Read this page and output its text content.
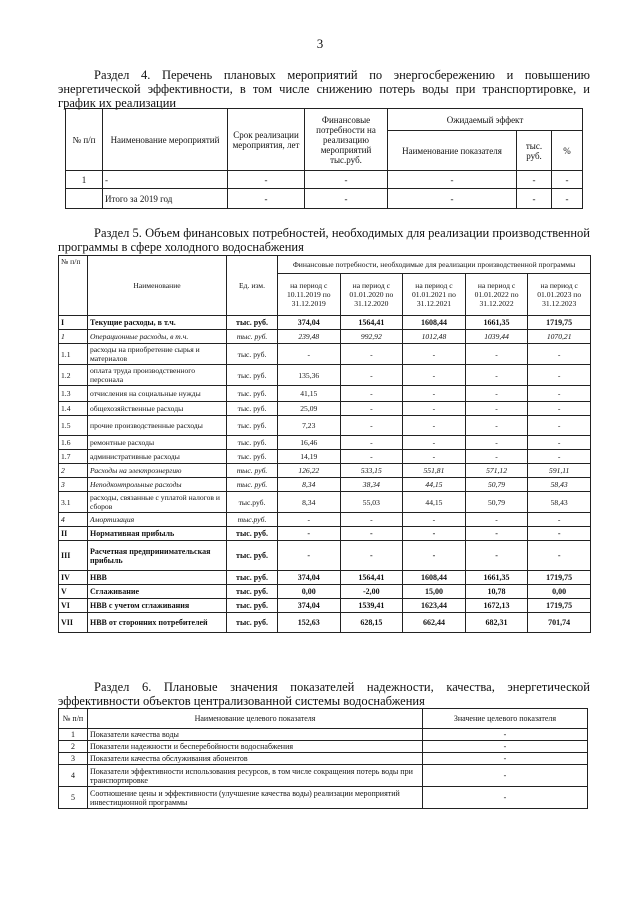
3
Раздел 4. Перечень плановых мероприятий по энергосбережению и повышению энергетической эффективности, в том числе снижению потерь воды при транспортировке, и график их реализации
№ п/п	Наименование мероприятий	Срок реализации мероприятия, лет	Финансовые потребности на реализацию мероприятий тыс.руб.	Ожидаемый эффект		
				Наименование показателя	тыс. руб.	%
1	-	-	-	-	-	-
	Итого за 2019 год	-	-	-	-	-
Раздел 5. Объем финансовых потребностей, необходимых для реализации производственной программы в сфере холодного водоснабжения
№ п/п	Наименование	Ед. изм.	Финансовые потребности, необходимые для реализации производственной программы				
			на период с 10.11.2019 по 31.12.2019	на период с 01.01.2020 по 31.12.2020	на период с 01.01.2021 по 31.12.2021	на период с 01.01.2022 по 31.12.2022	на период с 01.01.2023 по 31.12.2023
I	Текущие расходы, в т.ч.	тыс. руб.	374,04	1564,41	1608,44	1661,35	1719,75
1	Операционные расходы, в т.ч.	тыс. руб.	239,48	992,92	1012,48	1039,44	1070,21
1.1	расходы на приобретение сырья и материалов	тыс. руб.	-	-	-	-	-
1.2	оплата труда производственного персонала	тыс. руб.	135,36	-	-	-	-
1.3	отчисления на социальные нужды	тыс. руб.	41,15	-	-	-	-
1.4	общехозяйственные расходы	тыс. руб.	25,09	-	-	-	-
1.5	прочие производственные расходы	тыс. руб.	7,23	-	-	-	-
1.6	ремонтные расходы	тыс. руб.	16,46	-	-	-	-
1.7	административные расходы	тыс. руб.	14,19	-	-	-	-
2	Расходы на электроэнергию	тыс. руб.	126,22	533,15	551,81	571,12	591,11
3	Неподконтрольные расходы	тыс. руб.	8,34	38,34	44,15	50,79	58,43
3.1	расходы, связанные с уплатой налогов и сборов	тыс.руб.	8,34	55,03	44,15	50,79	58,43
4	Амортизация	тыс.руб.	-	-	-	-	-
II	Нормативная прибыль	тыс. руб.	-	-	-	-	-
III	Расчетная предпринимательская прибыль	тыс. руб.	-	-	-	-	-
IV	НВВ	тыс. руб.	374,04	1564,41	1608,44	1661,35	1719,75
V	Сглаживание	тыс. руб.	0,00	-2,00	15,00	10,78	0,00
VI	НВВ с учетом сглаживания	тыс. руб.	374,04	1539,41	1623,44	1672,13	1719,75
VII	НВВ от сторонних потребителей	тыс. руб.	152,63	628,15	662,44	682,31	701,74
Раздел 6. Плановые значения показателей надежности, качества, энергетической эффективности объектов централизованной системы водоснабжения
№ п/п	Наименование целевого показателя	Значение целевого показателя
1	Показатели качества воды	-
2	Показатели надежности и бесперебойности водоснабжения	-
3	Показатели качества обслуживания абонентов	-
4	Показатели эффективности использования ресурсов, в том числе сокращения потерь воды при транспортировке	-
5	Соотношение цены и эффективности (улучшение качества воды) реализации мероприятий инвестиционной программы	-
